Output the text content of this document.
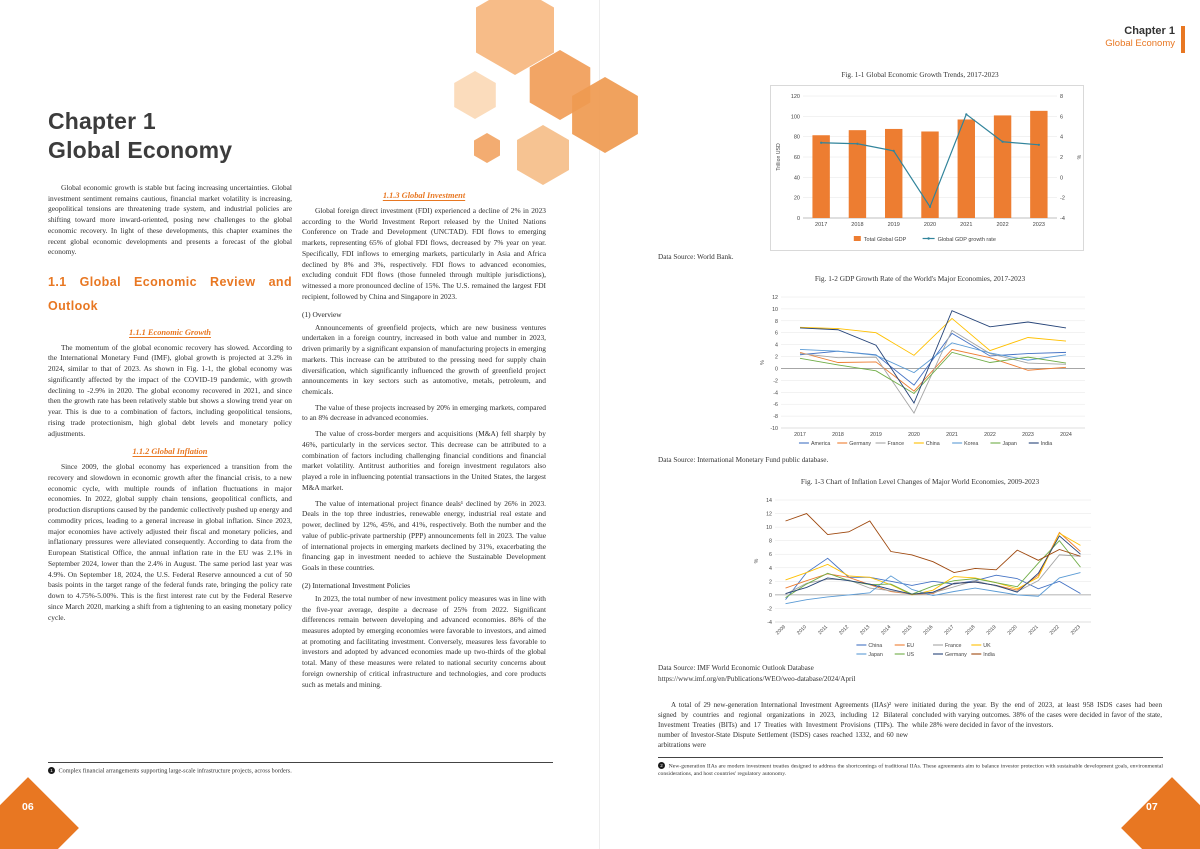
Chapter 1
Global Economy

Global economic growth is stable but facing increasing uncertainties. Global investment sentiment remains cautious, financial market volatility is increasing, geopolitical tensions are threatening trade system, and industrial policies are shifting toward more inward-oriented, posing new challenges to the global economic recovery. In light of these developments, this chapter examines the recent global economic developments and presents a forecast of the global economy.

1.1 Global Economic Review and Outlook
1.1.1 Economic Growth

The momentum of the global economic recovery has slowed. According to the International Monetary Fund (IMF), global growth is projected at 3.2% in 2024, similar to that of 2023. As shown in Fig. 1-1, the global economy was significantly affected by the impact of the COVID-19 pandemic, with growth declining to -2.9% in 2020. The global economy recovered in 2021, and since then the growth rate has been relatively stable but shows a slowing trend year on year. This is due to a combination of factors, including geopolitical tensions, rising trade protectionism, high global debt levels and monetary policy adjustments.

1.1.2 Global Inflation

Since 2009, the global economy has experienced a transition from the recovery and slowdown in economic growth after the financial crisis, to a new economic cycle, with multiple rounds of inflation fluctuations in major economies. In 2022, global supply chain tensions, geopolitical conflicts, and production disruptions caused by the pandemic collectively pushed up energy and commodity prices, leading to a general increase in global inflation. Since 2023, major economies have actively adjusted their fiscal and monetary policies, and inflationary pressures were alleviated consequently. According to data from the European Statistical Office, the annual inflation rate in the EU was 2.1% in September 2024, lower than the 2.4% in August. The same period last year was 4.9%. On September 18, 2024, the U.S. Federal Reserve announced a cut of 50 basis points in the target range of the federal funds rate, bringing the policy rate down to 4.75%-5.00%. This is the first interest rate cut by the Federal Reserve since March 2020, marking a shift from a tightening to an easing monetary policy cycle.

1.1.3 Global Investment

Global foreign direct investment (FDI) experienced a decline of 2% in 2023 according to the World Investment Report released by the United Nations Conference on Trade and Development (UNCTAD). FDI flows to emerging markets, representing 65% of global FDI flows, decreased by 7% year on year. Specifically, FDI inflows to emerging markets, particularly in Asia and Africa declined by 8% and 3%, respectively. FDI flows to advanced economies, excluding conduit FDI flows (those funneled through multiple jurisdictions), witnessed a more pronounced decline of 15%. The U.S. remained the largest FDI recipient, followed by China and Singapore in 2023.

(1) Overview

Announcements of greenfield projects, which are new business ventures undertaken in a foreign country, increased in both value and number in 2023, driven primarily by a significant expansion of manufacturing projects in emerging markets. This increase can be attributed to the pressing need for supply chain diversification, which significantly influenced the growth of greenfield project announcements in key sectors such as automotive, metals, petroleum, and chemicals.

The value of these projects increased by 20% in emerging markets, compared to an 8% decrease in advanced economies.

The value of cross-border mergers and acquisitions (M&A) fell sharply by 46%, particularly in the services sector. This decrease can be attributed to a combination of factors including challenging financial conditions and financial market volatility. Antitrust authorities and foreign investment regulators also played a role in influencing potential transactions in the United States, the largest M&A market.

The value of international project finance deals¹ declined by 26% in 2023. Deals in the top three industries, renewable energy, industrial real estate and power, declined by 12%, 45%, and 41%, respectively. Both the number and the value of public-private partnership (PPP) announcements fell in 2023. The value of international projects in emerging markets declined by 31%, exacerbating the financing gap in investment needed to achieve the Sustainable Development Goals in these countries.

(2) International Investment Policies

In 2023, the total number of new investment policy measures was in line with the five-year average, despite a decrease of 25% from 2022. Significant differences remain between developing and advanced economies. 86% of the measures adopted by emerging economies were favorable to investors, and aimed at promoting and facilitating investment. Conversely, measures less favorable to investors and adopted by advanced economies made up two-thirds of the global total. Many of these measures were related to national security concerns about foreign ownership of critical infrastructure and technologies, and core products such as metals and mining.

1 Complex financial arrangements supporting large-scale infrastructure projects, across borders.
06
Chapter 1
Global Economy
Fig. 1-1 Global Economic Growth Trends, 2017-2023
0
20
40
60
80
100
120
-4
-2
0
2
4
6
8
Trillion USD	%
2017	2018	2019	2020	2021	2022	2023
Total Global GDP	Global GDP growth rate
Data Source: World Bank.
Fig. 1-2 GDP Growth Rate of the World's Major Economies, 2017-2023
-10
-8
-6
-4
-2
0
2
4
6
8
10
12
%
2017	2018	2019	2020	2021	2022	2023	2024
America	Germany	France	China	Korea	Japan	India
Data Source: International Monetary Fund public database.
Fig. 1-3 Chart of Inflation Level Changes of Major World Economies, 2009-2023
-4
-2
0
2
4
6
8
10
12
14
%
2009 2010 2011 2012 2013 2014 2015 2016 2017 2018 2019 2020 2021 2022 2023
China	EU	France	UK
Japan	US	Germany	India
Data Source: IMF World Economic Outlook Database
https://www.imf.org/en/Publications/WEO/weo-database/2024/April

A total of 29 new-generation International Investment Agreements (IIAs)² were signed by countries and regional organizations in 2023, including 12 Bilateral Investment Treaties (BITs) and 17 Treaties with Investment Provisions (TIPs). The number of Investor-State Dispute Settlement (ISDS) cases reached 1332, and 60 new arbitrations were

initiated during the year. By the end of 2023, at least 958 ISDS cases had been concluded with varying outcomes. 38% of the cases were decided in favor of the state, while 28% were decided in favor of the investors.

2 New-generation IIAs are modern investment treaties designed to address the shortcomings of traditional IIAs. These agreements aim to balance investor protection with sustainable development goals, environmental considerations, and host countries' regulatory autonomy.
07
